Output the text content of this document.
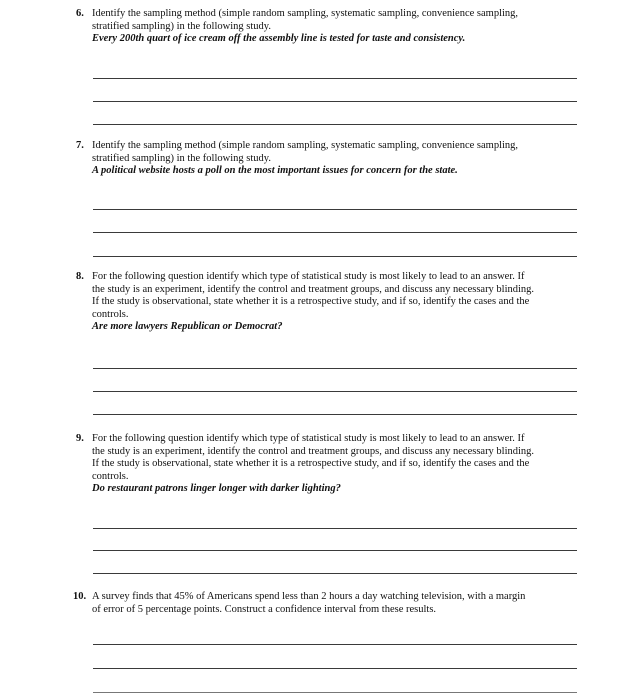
6. Identify the sampling method (simple random sampling, systematic sampling, convenience sampling,
stratified sampling) in the following study.
Every 200th quart of ice cream off the assembly line is tested for taste and consistency.
7. Identify the sampling method (simple random sampling, systematic sampling, convenience sampling,
stratified sampling) in the following study.
A political website hosts a poll on the most important issues for concern for the state.
8. For the following question identify which type of statistical study is most likely to lead to an answer. If
the study is an experiment, identify the control and treatment groups, and discuss any necessary blinding.
If the study is observational, state whether it is a retrospective study, and if so, identify the cases and the
controls.
Are more lawyers Republican or Democrat?
9. For the following question identify which type of statistical study is most likely to lead to an answer. If
the study is an experiment, identify the control and treatment groups, and discuss any necessary blinding.
If the study is observational, state whether it is a retrospective study, and if so, identify the cases and the
controls.
Do restaurant patrons linger longer with darker lighting?
10. A survey finds that 45% of Americans spend less than 2 hours a day watching television, with a margin
of error of 5 percentage points. Construct a confidence interval from these results.
